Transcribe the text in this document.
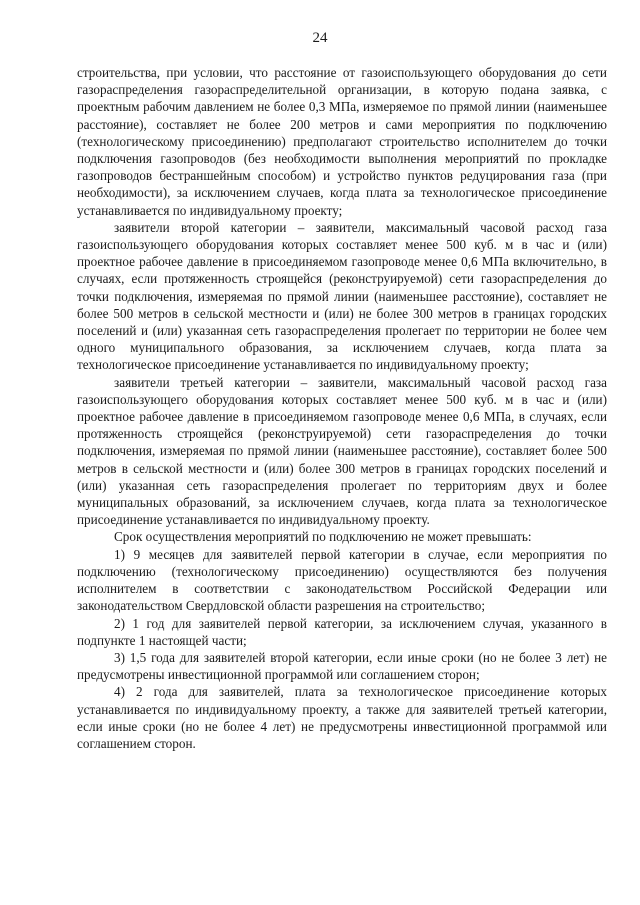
24

строительства, при условии, что расстояние от газоиспользующего оборудования до сети газораспределения газораспределительной организации, в которую подана заявка, с проектным рабочим давлением не более 0,3 МПа, измеряемое по прямой линии (наименьшее расстояние), составляет не более 200 метров и сами мероприятия по подключению (технологическому присоединению) предполагают строительство исполнителем до точки подключения газопроводов (без необходимости выполнения мероприятий по прокладке газопроводов бестраншейным способом) и устройство пунктов редуцирования газа (при необходимости), за исключением случаев, когда плата за технологическое присоединение устанавливается по индивидуальному проекту;

заявители второй категории – заявители, максимальный часовой расход газа газоиспользующего оборудования которых составляет менее 500 куб. м в час и (или) проектное рабочее давление в присоединяемом газопроводе менее 0,6 МПа включительно, в случаях, если протяженность строящейся (реконструируемой) сети газораспределения до точки подключения, измеряемая по прямой линии (наименьшее расстояние), составляет не более 500 метров в сельской местности и (или) не более 300 метров в границах городских поселений и (или) указанная сеть газораспределения пролегает по территории не более чем одного муниципального образования, за исключением случаев, когда плата за технологическое присоединение устанавливается по индивидуальному проекту;

заявители третьей категории – заявители, максимальный часовой расход газа газоиспользующего оборудования которых составляет менее 500 куб. м в час и (или) проектное рабочее давление в присоединяемом газопроводе менее 0,6 МПа, в случаях, если протяженность строящейся (реконструируемой) сети газораспределения до точки подключения, измеряемая по прямой линии (наименьшее расстояние), составляет более 500 метров в сельской местности и (или) более 300 метров в границах городских поселений и (или) указанная сеть газораспределения пролегает по территориям двух и более муниципальных образований, за исключением случаев, когда плата за технологическое присоединение устанавливается по индивидуальному проекту.

Срок осуществления мероприятий по подключению не может превышать:

1) 9 месяцев для заявителей первой категории в случае, если мероприятия по подключению (технологическому присоединению) осуществляются без получения исполнителем в соответствии с законодательством Российской Федерации или законодательством Свердловской области разрешения на строительство;

2) 1 год для заявителей первой категории, за исключением случая, указанного в подпункте 1 настоящей части;

3) 1,5 года для заявителей второй категории, если иные сроки (но не более 3 лет) не предусмотрены инвестиционной программой или соглашением сторон;

4) 2 года для заявителей, плата за технологическое присоединение которых устанавливается по индивидуальному проекту, а также для заявителей третьей категории, если иные сроки (но не более 4 лет) не предусмотрены инвестиционной программой или соглашением сторон.
